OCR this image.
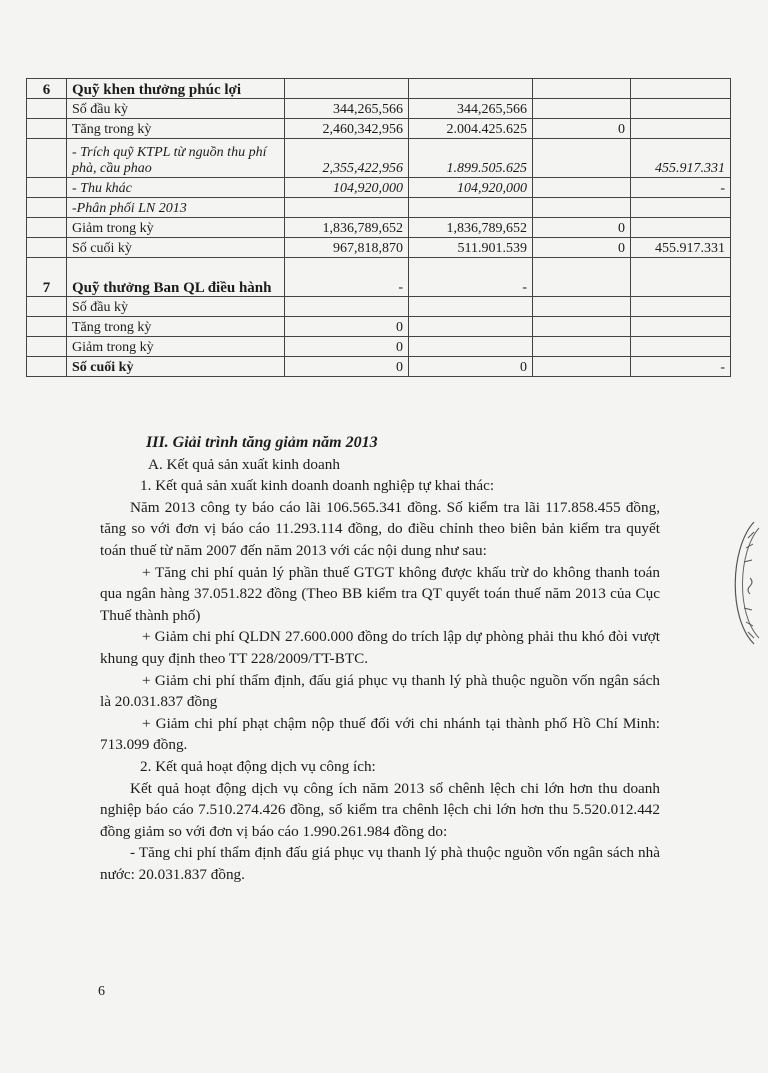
6	Quỹ khen thưởng phúc lợi				
	Số đầu kỳ	344,265,566	344,265,566		
	Tăng trong kỳ	2,460,342,956	2.004.425.625	0	
	- Trích quỹ KTPL từ nguồn thu phí phà, cầu phao	2,355,422,956	1.899.505.625		455.917.331
	- Thu khác	104,920,000	104,920,000		-
	-Phân phối LN 2013				
	Giảm trong kỳ	1,836,789,652	1,836,789,652	0	
	Số cuối kỳ	967,818,870	511.901.539	0	455.917.331
7	Quỹ thưởng Ban QL điều hành	-	-		
	Số đầu kỳ				
	Tăng trong kỳ	0			
	Giảm trong kỳ	0			
	Số cuối kỳ	0	0		-

III. Giải trình tăng giảm năm 2013

A. Kết quả sản xuất kinh doanh

1. Kết quả sản xuất kinh doanh doanh nghiệp tự khai thác:

Năm 2013 công ty báo cáo lãi 106.565.341 đồng. Số kiểm tra lãi 117.858.455 đồng, tăng so với đơn vị báo cáo 11.293.114 đồng, do điều chỉnh theo biên bản kiểm tra quyết toán thuế từ năm 2007 đến năm 2013 với các nội dung như sau:

+ Tăng chi phí quản lý phần thuế GTGT không được khấu trừ do không thanh toán qua ngân hàng 37.051.822 đồng (Theo BB kiểm tra QT quyết toán thuế năm 2013 của Cục Thuế thành phố)

+ Giảm chi phí QLDN 27.600.000 đồng do trích lập dự phòng phải thu khó đòi vượt khung quy định theo TT 228/2009/TT-BTC.

+ Giảm chi phí thẩm định, đấu giá phục vụ thanh lý phà thuộc nguồn vốn ngân sách là 20.031.837 đồng

+ Giảm chi phí phạt chậm nộp thuế đối với chi nhánh tại thành phố Hồ Chí Minh: 713.099 đồng.

2. Kết quả hoạt động dịch vụ công ích:

Kết quả hoạt động dịch vụ công ích năm 2013 số chênh lệch chi lớn hơn thu doanh nghiệp báo cáo 7.510.274.426 đồng, số kiểm tra chênh lệch chi lớn hơn thu 5.520.012.442 đồng giảm so với đơn vị báo cáo 1.990.261.984 đồng do:

- Tăng chi phí thẩm định đấu giá phục vụ thanh lý phà thuộc nguồn vốn ngân sách nhà nước: 20.031.837 đồng.

6
